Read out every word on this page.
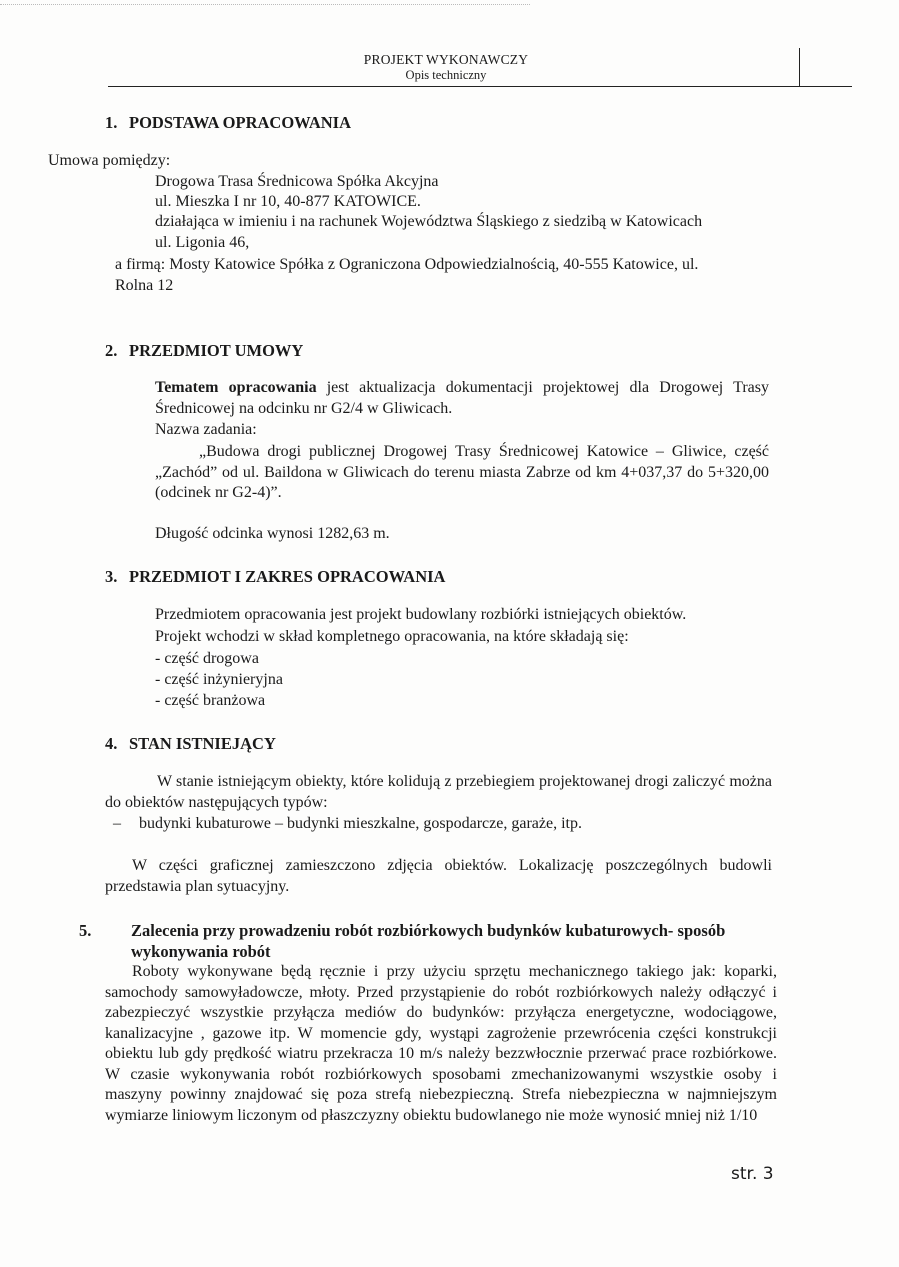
PROJEKT WYKONAWCZY
Opis techniczny
1. PODSTAWA OPRACOWANIA
Umowa pomiędzy:
Drogowa Trasa Średnicowa Spółka Akcyjna
ul. Mieszka I nr 10, 40-877 KATOWICE.
działająca w imieniu i na rachunek Województwa Śląskiego z siedzibą w Katowicach
ul. Ligonia 46,
a firmą: Mosty Katowice Spółka z Ograniczona Odpowiedzialnością, 40-555 Katowice, ul.
Rolna 12
2. PRZEDMIOT UMOWY
Tematem opracowania jest aktualizacja dokumentacji projektowej dla Drogowej Trasy Średnicowej na odcinku nr G2/4 w Gliwicach.
Nazwa zadania:
„Budowa drogi publicznej Drogowej Trasy Średnicowej Katowice – Gliwice, część „Zachód” od ul. Baildona w Gliwicach do terenu miasta Zabrze od km 4+037,37 do 5+320,00 (odcinek nr G2-4)”.
Długość odcinka wynosi 1282,63 m.
3. PRZEDMIOT I ZAKRES OPRACOWANIA
Przedmiotem opracowania jest projekt budowlany rozbiórki istniejących obiektów.
Projekt wchodzi w skład kompletnego opracowania, na które składają się:
- część drogowa
- część inżynieryjna
- część branżowa
4. STAN ISTNIEJĄCY
W stanie istniejącym obiekty, które kolidują z przebiegiem projektowanej drogi zaliczyć można do obiektów następujących typów:
– budynki kubaturowe – budynki mieszkalne, gospodarcze, garaże, itp.
W części graficznej zamieszczono zdjęcia obiektów. Lokalizację poszczególnych budowli przedstawia plan sytuacyjny.
5. Zalecenia przy prowadzeniu robót rozbiórkowych budynków kubaturowych- sposób wykonywania robót
Roboty wykonywane będą ręcznie i przy użyciu sprzętu mechanicznego takiego jak: koparki, samochody samowyładowcze, młoty. Przed przystąpienie do robót rozbiórkowych należy odłączyć i zabezpieczyć wszystkie przyłącza mediów do budynków: przyłącza energetyczne, wodociągowe, kanalizacyjne , gazowe itp. W momencie gdy, wystąpi zagrożenie przewrócenia części konstrukcji obiektu lub gdy prędkość wiatru przekracza 10 m/s należy bezzwłocznie przerwać prace rozbiórkowe. W czasie wykonywania robót rozbiórkowych sposobami zmechanizowanymi wszystkie osoby i maszyny powinny znajdować się poza strefą niebezpieczną. Strefa niebezpieczna w najmniejszym wymiarze liniowym liczonym od płaszczyzny obiektu budowlanego nie może wynosić mniej niż 1/10
str. 3
